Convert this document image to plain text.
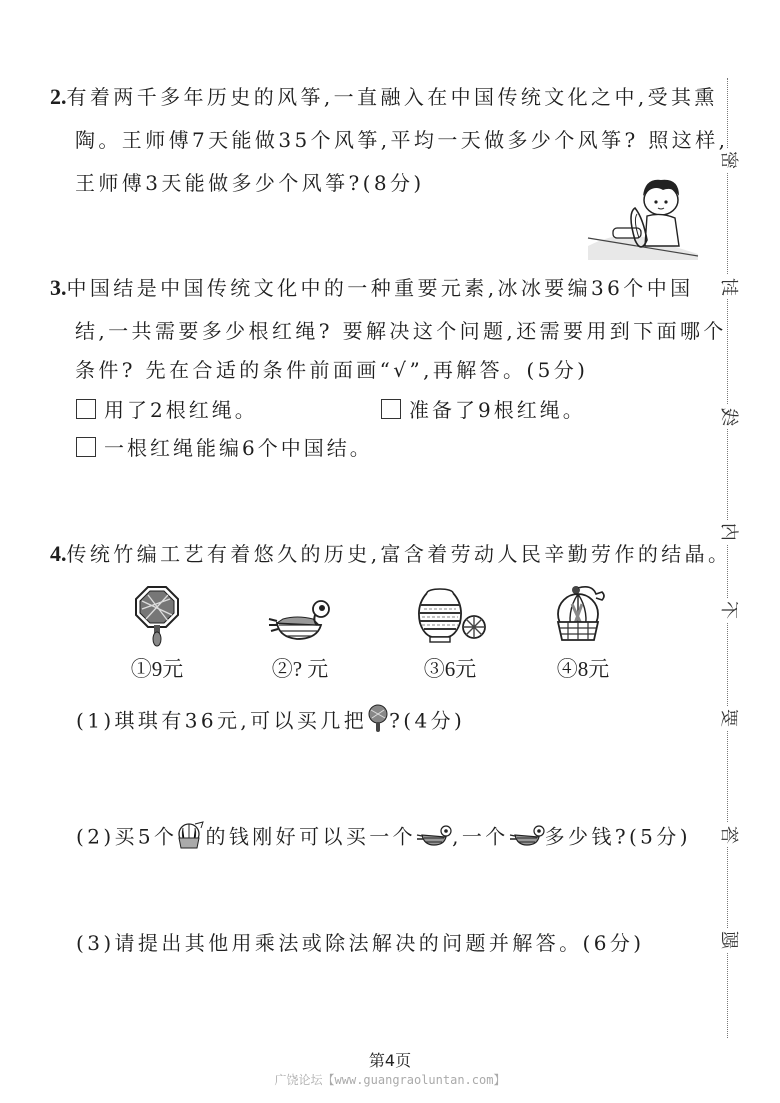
密
封
线
内
不
要
答
题
2.有着两千多年历史的风筝,一直融入在中国传统文化之中,受其熏
陶。王师傅7天能做35个风筝,平均一天做多少个风筝? 照这样,
王师傅3天能做多少个风筝?(8分)
3.中国结是中国传统文化中的一种重要元素,冰冰要编36个中国
结,一共需要多少根红绳? 要解决这个问题,还需要用到下面哪个
条件? 先在合适的条件前面画“√”,再解答。(5分)
用了2根红绳。	准备了9根红绳。
一根红绳能编6个中国结。
4.传统竹编工艺有着悠久的历史,富含着劳动人民辛勤劳作的结晶。
①9元	②? 元	③6元	④8元
(1)琪琪有36元,可以买几把 ?(4分)
(2)买5个 的钱刚好可以买一个 ,一个 多少钱?(5分)
(3)请提出其他用乘法或除法解决的问题并解答。(6分)
第4页
广饶论坛【www.guangraoluntan.com】
